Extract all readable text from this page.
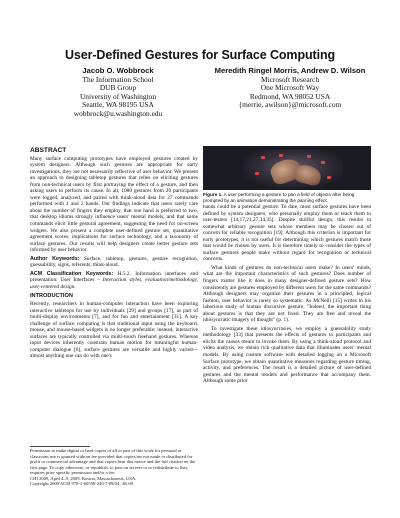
User-Defined Gestures for Surface Computing
Jacob O. Wobbrock
The Information School
DUB Group
University of Washington
Seattle, WA 98195 USA
wobbrock@u.washington.edu
Meredith Ringel Morris, Andrew D. Wilson
Microsoft Research
One Microsoft Way
Redmond, WA 98052 USA
{merrie, awilson}@microsoft.com
ABSTRACT
Many surface computing prototypes have employed gestures created by system designers. Although such gestures are appropriate for early investigations, they are not necessarily reflective of user behavior. We present an approach to designing tabletop gestures that relies on eliciting gestures from non-technical users by first portraying the effect of a gesture, and then asking users to perform its cause. In all, 1080 gestures from 20 participants were logged, analyzed, and paired with think-aloud data for 27 commands performed with 1 and 2 hands. Our findings indicate that users rarely care about the number of fingers they employ, that one hand is preferred to two, that desktop idioms strongly influence users' mental models, and that some commands elicit little gestural agreement, suggesting the need for on-screen widgets. We also present a complete user-defined gesture set, quantitative agreement scores, implications for surface technology, and a taxonomy of surface gestures. Our results will help designers create better gesture sets informed by user behavior.
Author Keywords: Surface, tabletop, gestures, gesture recognition, guessability, signs, referents, think-aloud.
ACM Classification Keywords: H.5.2. Information interfaces and presentation: User Interfaces – Interaction styles, evaluation/methodology, user-centered design.
INTRODUCTION
Recently, researchers in human-computer interaction have been exploring interactive tabletops for use by individuals [29] and groups [17], as part of multi-display environments [7], and for fun and entertainment [31]. A key challenge of surface computing is that traditional input using the keyboard, mouse, and mouse-based widgets is no longer preferable; instead, interactive surfaces are typically controlled via multi-touch freehand gestures. Whereas input devices inherently constrain human motion for meaningful human-computer dialogue [6], surface gestures are versatile and highly varied—almost anything one can do with one's
Permission to make digital or hard copies of all or part of this work for personal or classroom use is granted without fee provided that copies are not made or distributed for profit or commercial advantage and that copies bear this notice and the full citation on the first page. To copy otherwise, or republish, to post on servers or to redistribute to lists, requires prior specific permission and/or a fee.
CHI 2009, April 4–9, 2009, Boston, Massachusetts, USA.
Copyright 2009 ACM 978-1-60558-246-7/09/04...$5.00
Figure 1. A user performing a gesture to pan a field of objects after being prompted by an animation demonstrating the panning effect.
hands could be a potential gesture. To date, most surface gestures have been defined by system designers, who personally employ them or teach them to user-testers [14,17,21,27,34,35]. Despite skillful design, this results in somewhat arbitrary gesture sets whose members may be chosen out of concern for reliable recognition [19]. Although this criterion is important for early prototypes, it is not useful for determining which gestures match those that would be chosen by users. It is therefore timely to consider the types of surface gestures people make without regard for recognition or technical concerns.
What kinds of gestures do non-technical users make? In users' minds, what are the important characteristics of such gestures? Does number of fingers matter like it does in many designer-defined gesture sets? How consistently are gestures employed by different users for the same commands? Although designers may organize their gestures in a principled, logical fashion, user behavior is rarely so systematic. As McNeill [15] writes in his laborious study of human discursive gesture, "Indeed, the important thing about gestures is that they are not fixed. They are free and reveal the idiosyncratic imagery of thought" (p. 1).
To investigate these idiosyncrasies, we employ a guessability study methodology [33] that presents the effects of gestures to participants and elicits the causes meant to invoke them. By using a think-aloud protocol and video analysis, we obtain rich qualitative data that illuminates users' mental models. By using custom software with detailed logging on a Microsoft Surface prototype, we obtain quantitative measures regarding gesture timing, activity, and preferences. The result is a detailed picture of user-defined gestures and the mental models and performance that accompany them. Although some prior
